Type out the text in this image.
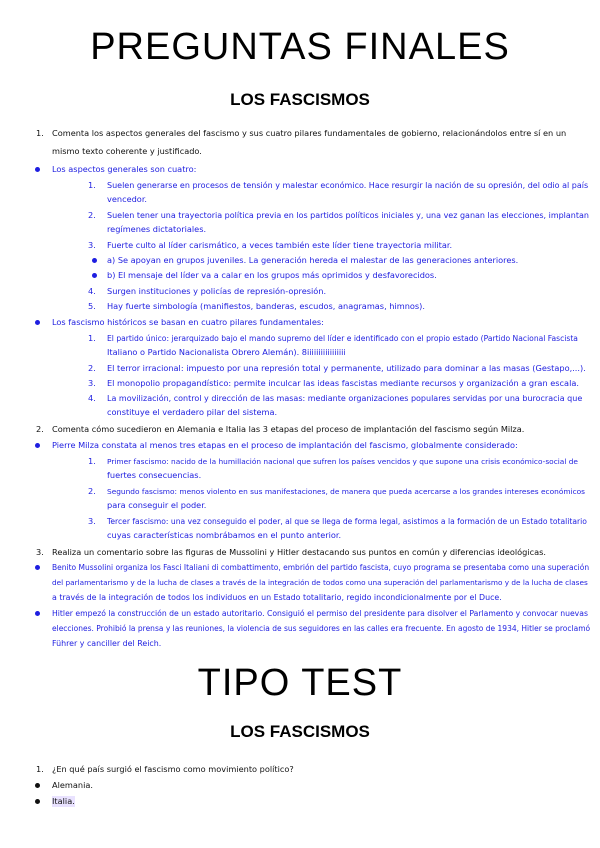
PREGUNTAS FINALES
LOS FASCISMOS
1. Comenta los aspectos generales del fascismo y sus cuatro pilares fundamentales de gobierno, relacionándolos entre sí en un
mismo texto coherente y justificado.
Los aspectos generales son cuatro:
1. Suelen generarse en procesos de tensión y malestar económico. Hace resurgir la nación de su opresión, del odio al país
vencedor.
2. Suelen tener una trayectoria política previa en los partidos políticos iniciales y, una vez ganan las elecciones, implantan
regímenes dictatoriales.
3. Fuerte culto al líder carismático, a veces también este líder tiene trayectoria militar.
a) Se apoyan en grupos juveniles. La generación hereda el malestar de las generaciones anteriores.
b) El mensaje del líder va a calar en los grupos más oprimidos y desfavorecidos.
4. Surgen instituciones y policías de represión-opresión.
5. Hay fuerte simbología (manifiestos, banderas, escudos, anagramas, himnos).
Los fascismo históricos se basan en cuatro pilares fundamentales:
1. El partido único: jerarquizado bajo el mando supremo del líder e identificado con el propio estado (Partido Nacional Fascista
Italiano o Partido Nacionalista Obrero Alemán). 8iiiiiiiiiiiiiiiii
2. El terror irracional: impuesto por una represión total y permanente, utilizado para dominar a las masas (Gestapo,...).
3. El monopolio propagandístico: permite inculcar las ideas fascistas mediante recursos y organización a gran escala.
4. La movilización, control y dirección de las masas: mediante organizaciones populares servidas por una burocracia que
constituye el verdadero pilar del sistema.
2. Comenta cómo sucedieron en Alemania e Italia las 3 etapas del proceso de implantación del fascismo según Milza.
Pierre Milza constata al menos tres etapas en el proceso de implantación del fascismo, globalmente considerado:
1. Primer fascismo: nacido de la humillación nacional que sufren los países vencidos y que supone una crisis económico-social de
fuertes consecuencias.
2. Segundo fascismo: menos violento en sus manifestaciones, de manera que pueda acercarse a los grandes intereses económicos
para conseguir el poder.
3. Tercer fascismo: una vez conseguido el poder, al que se llega de forma legal, asistimos a la formación de un Estado totalitario
cuyas características nombrábamos en el punto anterior.
3. Realiza un comentario sobre las figuras de Mussolini y Hitler destacando sus puntos en común y diferencias ideológicas.
Benito Mussolini organiza los Fasci Italiani di combattimento, embrión del partido fascista, cuyo programa se presentaba como una superación
del parlamentarismo y de la lucha de clases a través de la integración de todos como una superación del parlamentarismo y de la lucha de clases
a través de la integración de todos los individuos en un Estado totalitario, regido incondicionalmente por el Duce.
Hitler empezó la construcción de un estado autoritario. Consiguió el permiso del presidente para disolver el Parlamento y convocar nuevas
elecciones. Prohibió la prensa y las reuniones, la violencia de sus seguidores en las calles era frecuente. En agosto de 1934, Hitler se proclamó
Führer y canciller del Reich.
TIPO TEST
LOS FASCISMOS
1. ¿En qué país surgió el fascismo como movimiento político?
Alemania.
Italia.
